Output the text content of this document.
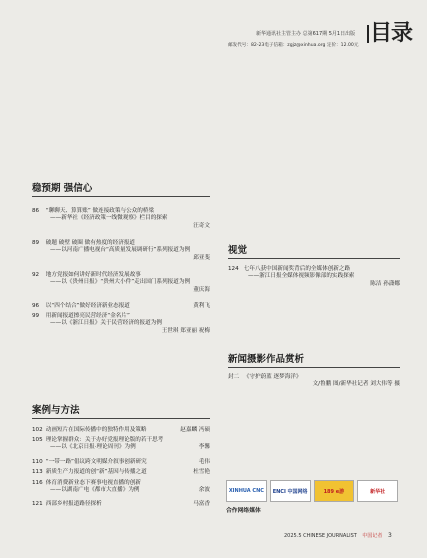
新华通讯社主管主办 总第617期 5月1日出版
邮发代号：82-23电子信箱：zgjz@xinhua.org 定价：12.00元 目录
稳预期 强信心
86 “聊聊天、算算账” 做连接政策与公众的桥梁
——新华社《经济政策一线微观察》栏目的探索
汪奇文
89 破题 破壁 破圈 做有热度的经济报道
——以河南广播电视台“高质量发展调研行”系列报道为例
邱亚斐
92 地方党报如何讲好新时代经济发展故事
——以《贵州日报》“贵州大小件”走出国门系列报道为例
董庆海
96 以“四个结合”做好经济新业态报道	黄利飞
99 用新闻报道擦亮民营经济“金名片”
——以《浙江日报》关于民营经济的报道为例
王世琪 郑亚丽 祝梅
案例与方法
102 动画短片在国际传播中的独特作用及策略	赵嘉麟 冯硕
105 理论掌握群众：关于办好党报理论版的若干思考
——以《北京日报·理论周刊》为例	李馨
110 “一带一路”倡议跨文明媒介叙事创新研究	毛伟
113 新质生产力报道的创“新”基因与传播之道	杜雪艳
116 体育消费新业态下赛事电视直播的创新
——以湖南广电《都市大直播》为例	余波
121 西部乡村报道路径探析	马富香
视觉
124 七年八获中国新闻奖背后的全媒体创新之路
——浙江日报全媒体视频影像部的实践探索
陈洁 孙潇娜
新闻摄影作品赏析
封二 《守护蔚蓝 逐梦海洋》
文/鲁鹏 图/新华社记者 刘大伟等 摄
XINHUA CNC	ENCI 中国网络	189 e游	新华社
合作网络媒体
2025.5 CHINESE JOURNALIST 中国记者 3
